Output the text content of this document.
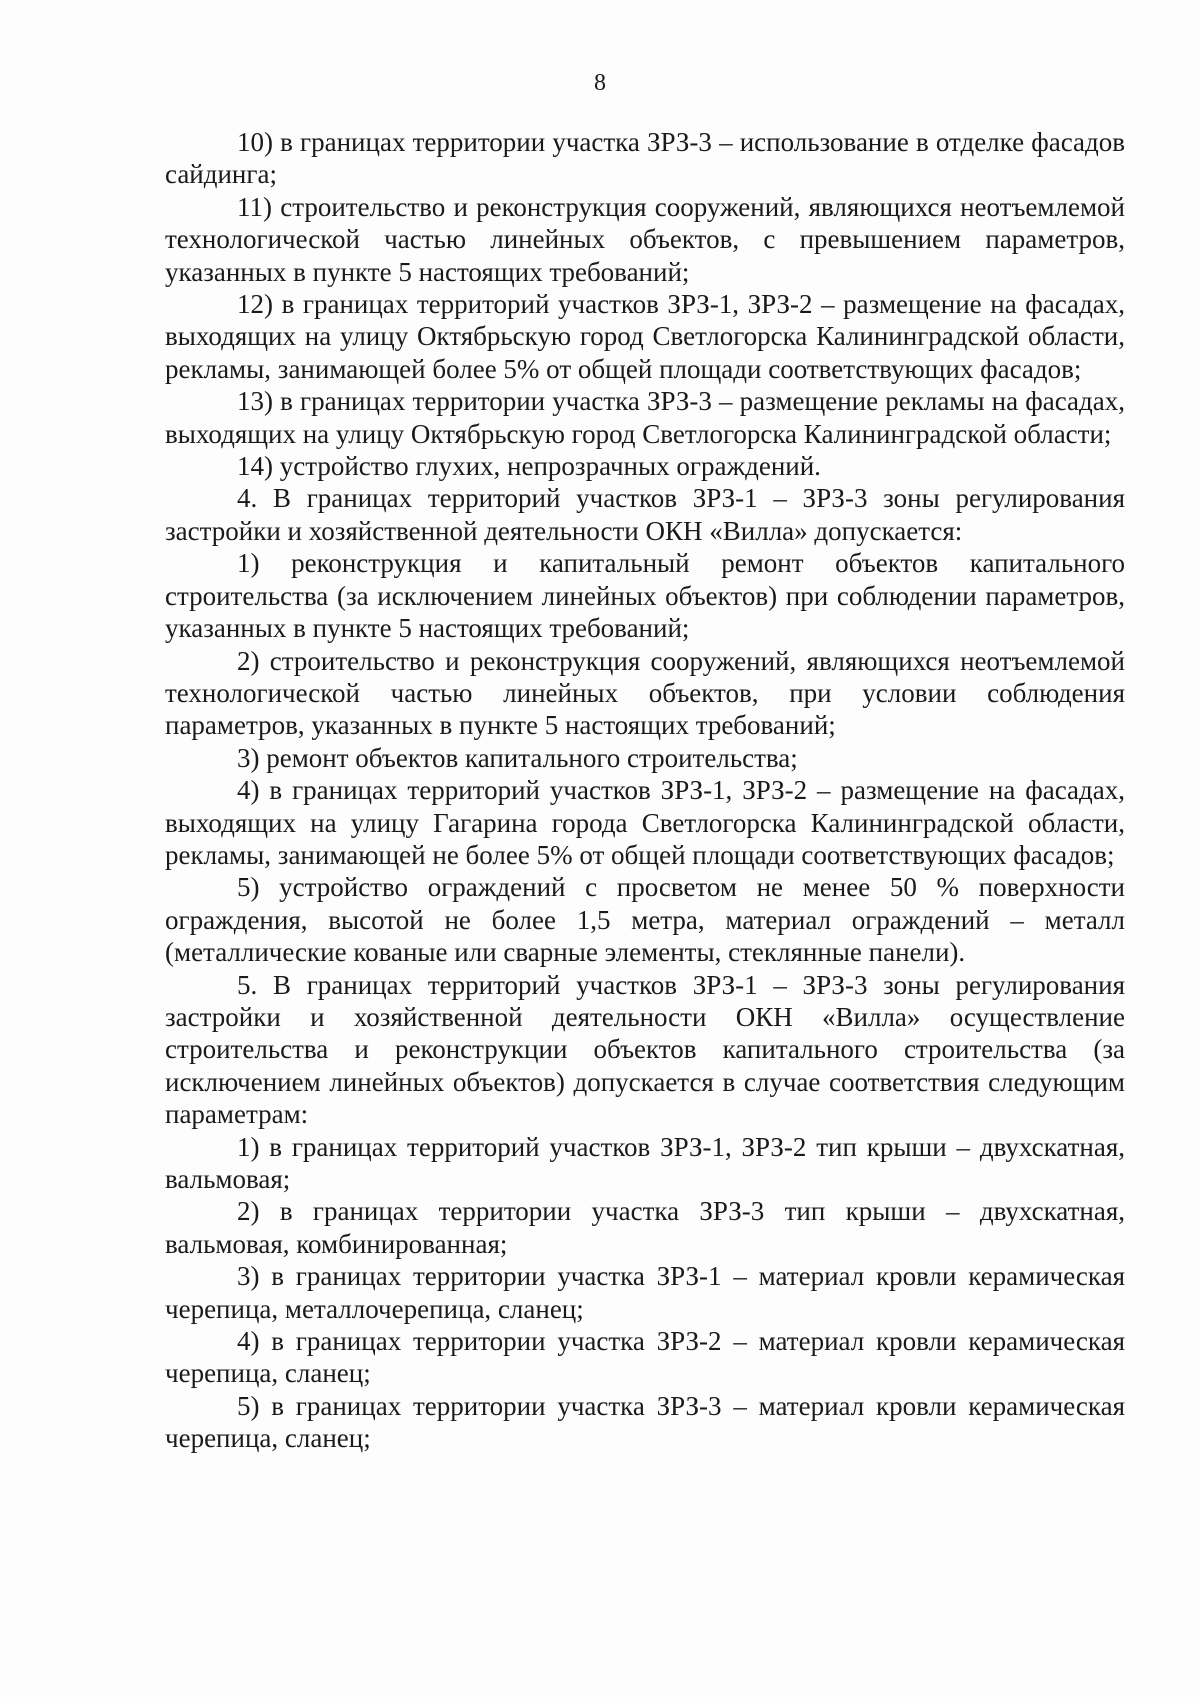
8

10) в границах территории участка ЗРЗ-3 – использование в отделке фасадов сайдинга;

11) строительство и реконструкция сооружений, являющихся неотъемлемой технологической частью линейных объектов, с превышением параметров, указанных в пункте 5 настоящих требований;

12) в границах территорий участков ЗРЗ-1, ЗРЗ-2 – размещение на фасадах, выходящих на улицу Октябрьскую город Светлогорска Калининградской области, рекламы, занимающей более 5% от общей площади соответствующих фасадов;

13) в границах территории участка ЗРЗ-3 – размещение рекламы на фасадах, выходящих на улицу Октябрьскую город Светлогорска Калининградской области;

14) устройство глухих, непрозрачных ограждений.

4. В границах территорий участков ЗРЗ-1 – ЗРЗ-3 зоны регулирования застройки и хозяйственной деятельности ОКН «Вилла» допускается:

1) реконструкция и капитальный ремонт объектов капитального строительства (за исключением линейных объектов) при соблюдении параметров, указанных в пункте 5 настоящих требований;

2) строительство и реконструкция сооружений, являющихся неотъемлемой технологической частью линейных объектов, при условии соблюдения параметров, указанных в пункте 5 настоящих требований;

3) ремонт объектов капитального строительства;

4) в границах территорий участков ЗРЗ-1, ЗРЗ-2 – размещение на фасадах, выходящих на улицу Гагарина города Светлогорска Калининградской области, рекламы, занимающей не более 5% от общей площади соответствующих фасадов;

5) устройство ограждений с просветом не менее 50 % поверхности ограждения, высотой не более 1,5 метра, материал ограждений – металл (металлические кованые или сварные элементы, стеклянные панели).

5. В границах территорий участков ЗРЗ-1 – ЗРЗ-3 зоны регулирования застройки и хозяйственной деятельности ОКН «Вилла» осуществление строительства и реконструкции объектов капитального строительства (за исключением линейных объектов) допускается в случае соответствия следующим параметрам:

1) в границах территорий участков ЗРЗ-1, ЗРЗ-2 тип крыши – двухскатная, вальмовая;

2) в границах территории участка ЗРЗ-3 тип крыши – двухскатная, вальмовая, комбинированная;

3) в границах территории участка ЗРЗ-1 – материал кровли керамическая черепица, металлочерепица, сланец;

4) в границах территории участка ЗРЗ-2 – материал кровли керамическая черепица, сланец;

5) в границах территории участка ЗРЗ-3 – материал кровли керамическая черепица, сланец;
